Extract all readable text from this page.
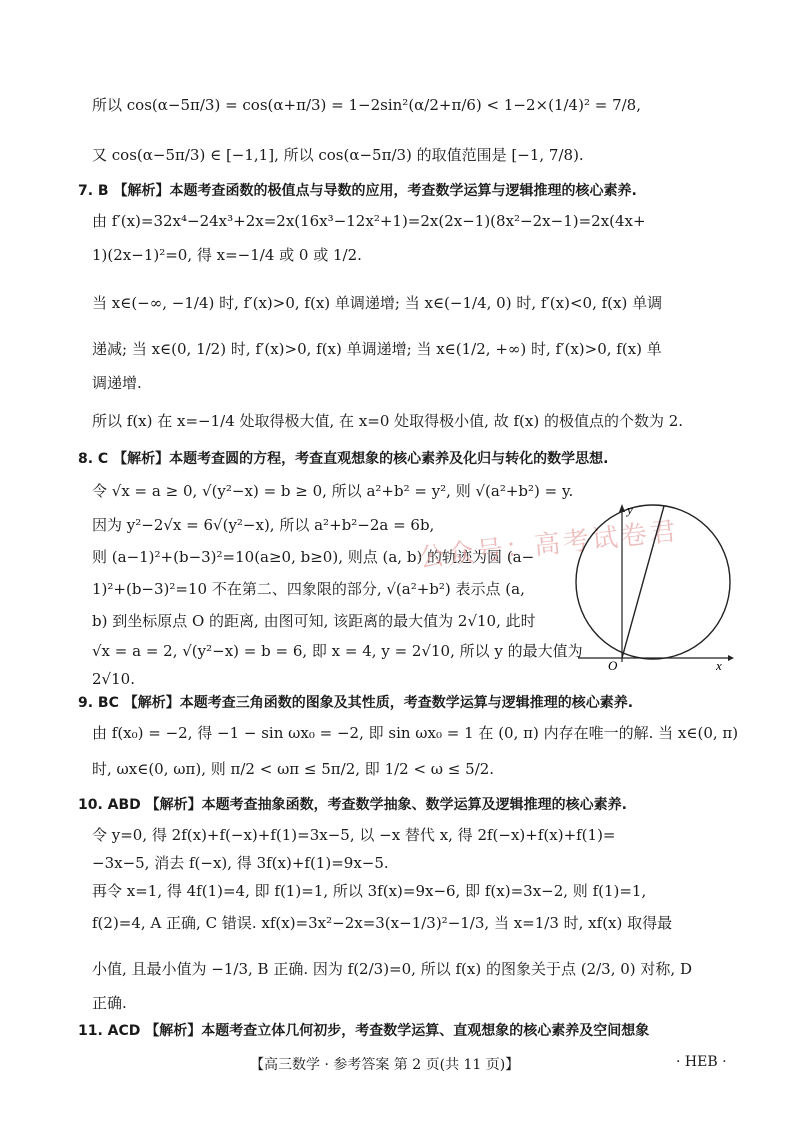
所以 cos(α−5π/3) = cos(α+π/3) = 1−2sin²(α/2+π/6) < 1−2×(1/4)² = 7/8,
又 cos(α−5π/3) ∈ [−1,1], 所以 cos(α−5π/3) 的取值范围是 [−1, 7/8).
7. B 【解析】本题考查函数的极值点与导数的应用，考查数学运算与逻辑推理的核心素养.
由 f′(x)=32x⁴−24x³+2x=2x(16x³−12x²+1)=2x(2x−1)(8x²−2x−1)=2x(4x+
1)(2x−1)²=0, 得 x=−1/4 或 0 或 1/2.
当 x∈(−∞, −1/4) 时, f′(x)>0, f(x) 单调递增; 当 x∈(−1/4, 0) 时, f′(x)<0, f(x) 单调
递减; 当 x∈(0, 1/2) 时, f′(x)>0, f(x) 单调递增; 当 x∈(1/2, +∞) 时, f′(x)>0, f(x) 单
调递增.
所以 f(x) 在 x=−1/4 处取得极大值, 在 x=0 处取得极小值, 故 f(x) 的极值点的个数为 2.
8. C 【解析】本题考查圆的方程，考查直观想象的核心素养及化归与转化的数学思想.
令 √x = a ≥ 0, √(y²−x) = b ≥ 0, 所以 a²+b² = y², 则 √(a²+b²) = y.
因为 y²−2√x = 6√(y²−x), 所以 a²+b²−2a = 6b,
则 (a−1)²+(b−3)²=10(a≥0, b≥0), 则点 (a, b) 的轨迹为圆 (a−
1)²+(b−3)²=10 不在第二、四象限的部分, √(a²+b²) 表示点 (a,
b) 到坐标原点 O 的距离, 由图可知, 该距离的最大值为 2√10, 此时
√x = a = 2, √(y²−x) = b = 6, 即 x = 4, y = 2√10, 所以 y 的最大值为
2√10.
公众号：高考试卷君
y
x
O
9. BC 【解析】本题考查三角函数的图象及其性质，考查数学运算与逻辑推理的核心素养.
由 f(x₀) = −2, 得 −1 − sin ωx₀ = −2, 即 sin ωx₀ = 1 在 (0, π) 内存在唯一的解. 当 x∈(0, π)
时, ωx∈(0, ωπ), 则 π/2 < ωπ ≤ 5π/2, 即 1/2 < ω ≤ 5/2.
10. ABD 【解析】本题考查抽象函数，考查数学抽象、数学运算及逻辑推理的核心素养.
令 y=0, 得 2f(x)+f(−x)+f(1)=3x−5, 以 −x 替代 x, 得 2f(−x)+f(x)+f(1)=
−3x−5, 消去 f(−x), 得 3f(x)+f(1)=9x−5.
再令 x=1, 得 4f(1)=4, 即 f(1)=1, 所以 3f(x)=9x−6, 即 f(x)=3x−2, 则 f(1)=1,
f(2)=4, A 正确, C 错误. xf(x)=3x²−2x=3(x−1/3)²−1/3, 当 x=1/3 时, xf(x) 取得最
小值, 且最小值为 −1/3, B 正确. 因为 f(2/3)=0, 所以 f(x) 的图象关于点 (2/3, 0) 对称, D
正确.
11. ACD 【解析】本题考查立体几何初步，考查数学运算、直观想象的核心素养及空间想象
【高三数学 · 参考答案 第 2 页(共 11 页)】	· HEB ·
